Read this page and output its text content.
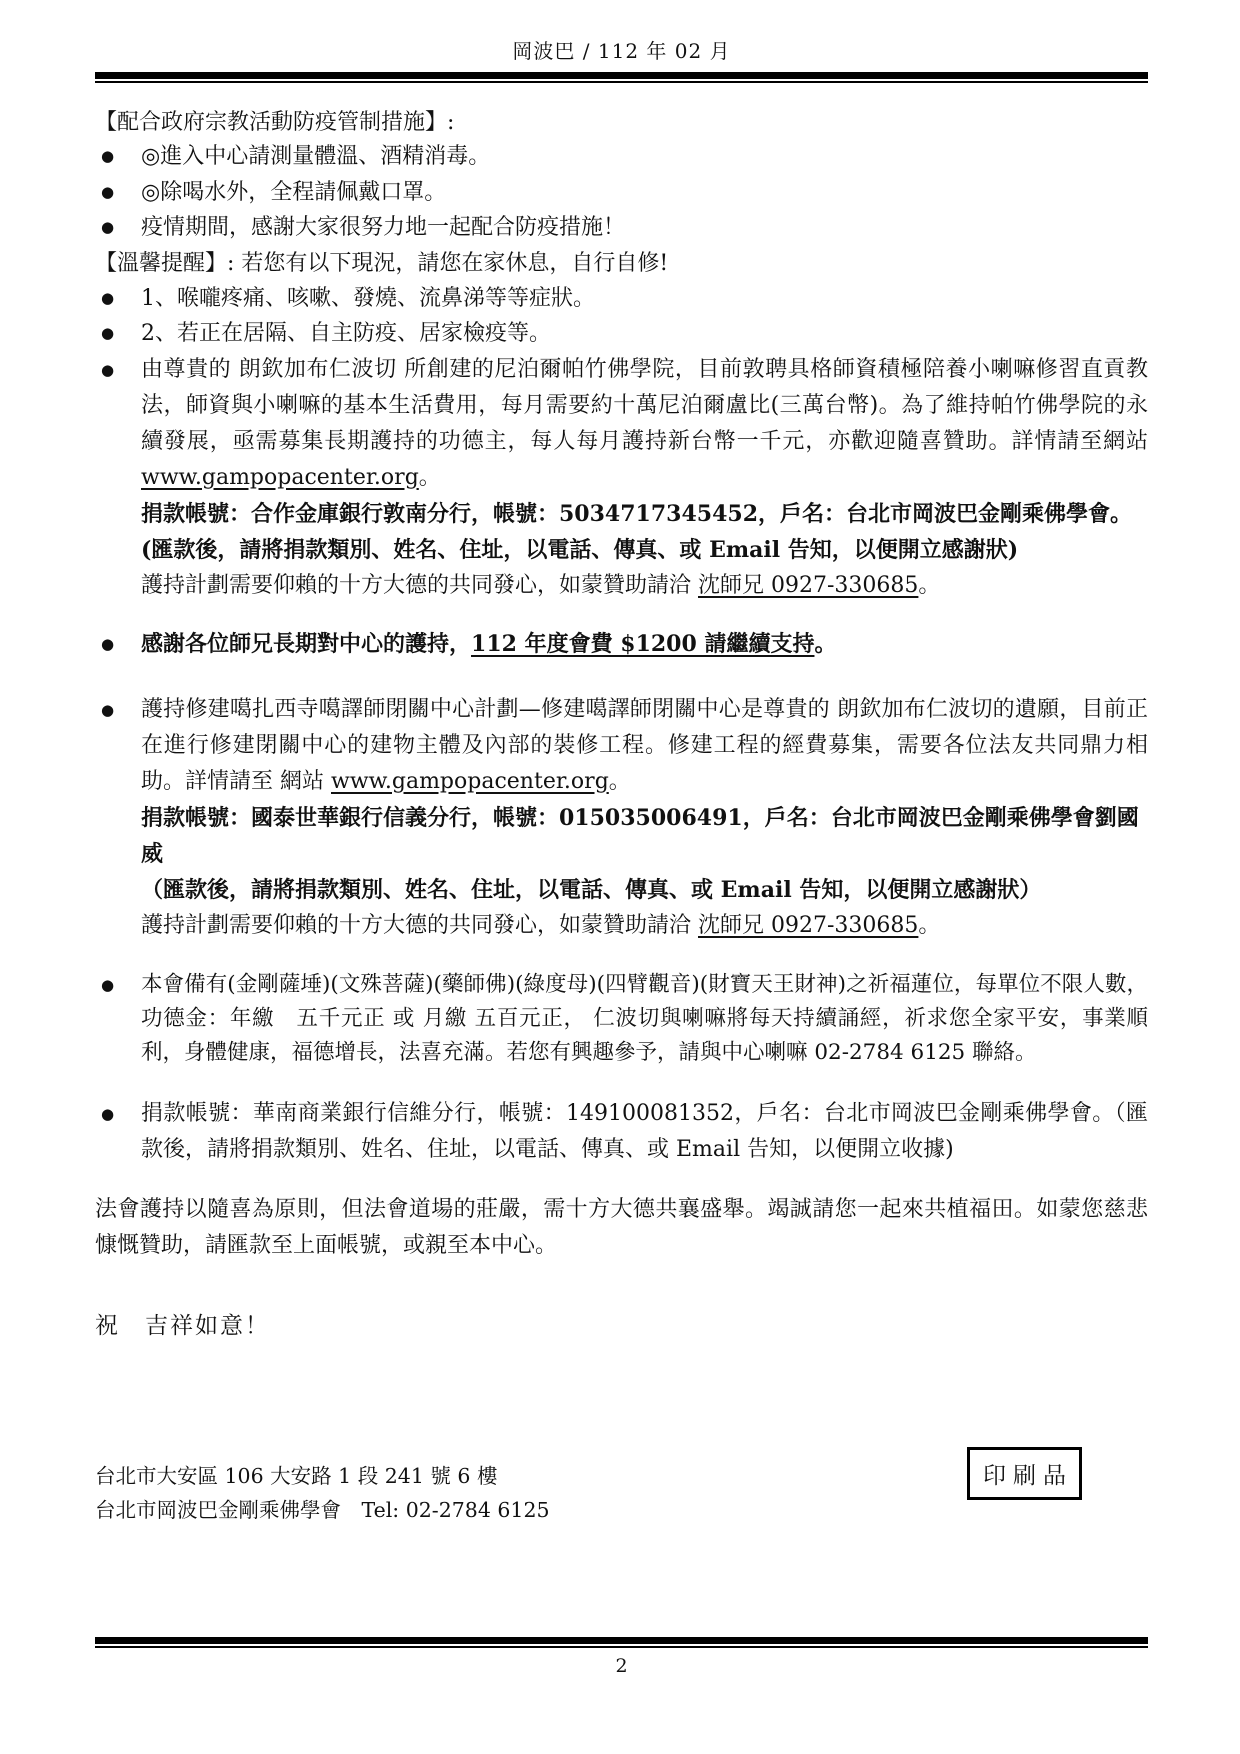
岡波巴 / 112 年 02 月

【配合政府宗教活動防疫管制措施】:

●	◎進入中心請測量體溫、酒精消毒。
●	◎除喝水外，全程請佩戴口罩。
●	疫情期間，感謝大家很努力地一起配合防疫措施！

【溫馨提醒】: 若您有以下現況，請您在家休息，自行自修!

●	1、喉嚨疼痛、咳嗽、發燒、流鼻涕等等症狀。
●	2、若正在居隔、自主防疫、居家檢疫等。
●	由尊貴的 朗欽加布仁波切 所創建的尼泊爾帕竹佛學院，目前敦聘具格師資積極陪養小喇嘛修習直貢教法，師資與小喇嘛的基本生活費用，每月需要約十萬尼泊爾盧比(三萬台幣)。為了維持帕竹佛學院的永續發展，亟需募集長期護持的功德主，每人每月護持新台幣一千元，亦歡迎隨喜贊助。詳情請至網站 www.gampopacenter.org。

捐款帳號：合作金庫銀行敦南分行，帳號：5034717345452，戶名：台北市岡波巴金剛乘佛學會。

(匯款後，請將捐款類別、姓名、住址，以電話、傳真、或 Email 告知，以便開立感謝狀)

護持計劃需要仰賴的十方大德的共同發心，如蒙贊助請洽 沈師兄 0927-330685。

●	感謝各位師兄長期對中心的護持，112 年度會費 $1200 請繼續支持。
●	護持修建噶扎西寺噶譯師閉關中心計劃—修建噶譯師閉關中心是尊貴的 朗欽加布仁波切的遺願，目前正在進行修建閉關中心的建物主體及內部的裝修工程。修建工程的經費募集，需要各位法友共同鼎力相助。詳情請至 網站 www.gampopacenter.org。

捐款帳號：國泰世華銀行信義分行，帳號：015035006491，戶名：台北市岡波巴金剛乘佛學會劉國威

（匯款後，請將捐款類別、姓名、住址，以電話、傳真、或 Email 告知，以便開立感謝狀）

護持計劃需要仰賴的十方大德的共同發心，如蒙贊助請洽 沈師兄 0927-330685。

●	本會備有(金剛薩埵)(文殊菩薩)(藥師佛)(綠度母)(四臂觀音)(財寶天王財神)之祈福蓮位，每單位不限人數，功德金：年繳　五千元正 或 月繳 五百元正， 仁波切與喇嘛將每天持續誦經，祈求您全家平安，事業順利，身體健康，福德增長，法喜充滿。若您有興趣參予，請與中心喇嘛 02-2784 6125 聯絡。
●	捐款帳號：華南商業銀行信維分行，帳號：149100081352，戶名：台北市岡波巴金剛乘佛學會。（匯款後，請將捐款類別、姓名、住址，以電話、傳真、或 Email 告知，以便開立收據)

法會護持以隨喜為原則，但法會道場的莊嚴，需十方大德共襄盛舉。竭誠請您一起來共植福田。如蒙您慈悲慷慨贊助，請匯款至上面帳號，或親至本中心。

祝　吉祥如意！

台北市大安區 106 大安路 1 段 241 號 6 樓
台北市岡波巴金剛乘佛學會　Tel: 02-2784 6125
印刷品
2
